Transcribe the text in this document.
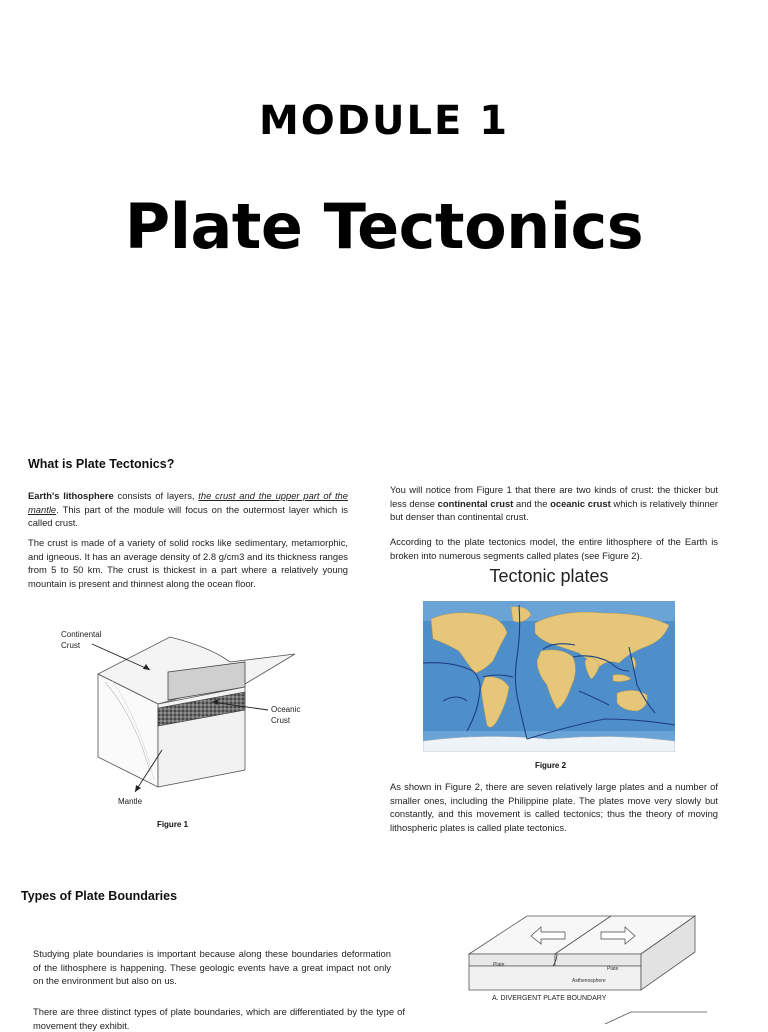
MODULE 1
Plate Tectonics
What is Plate Tectonics?

Earth's lithosphere consists of layers, the crust and the upper part of the mantle. This part of the module will focus on the outermost layer which is called crust.

The crust is made of a variety of solid rocks like sedimentary, metamorphic, and igneous. It has an average density of 2.8 g/cm3 and its thickness ranges from 5 to 50 km. The crust is thickest in a part where a relatively young mountain is present and thinnest along the ocean floor.

Continental
Crust
Oceanic
Crust
Mantle
Figure 1

You will notice from Figure 1 that there are two kinds of crust: the thicker but less dense continental crust and the oceanic crust which is relatively thinner but denser than continental crust.

According to the plate tectonics model, the entire lithosphere of the Earth is broken into numerous segments called plates (see Figure 2).

Tectonic plates
Figure 2

As shown in Figure 2, there are seven relatively large plates and a number of smaller ones, including the Philippine plate. The plates move very slowly but constantly, and this movement is called tectonics; thus the theory of moving lithospheric plates is called plate tectonics.

Types of Plate Boundaries

Studying plate boundaries is important because along these boundaries deformation of the lithosphere is happening. These geologic events have a great impact not only on the environment but also on us.

There are three distinct types of plate boundaries, which are differentiated by the type of movement they exhibit.

Plate
Plate
Asthenosphere
A. DIVERGENT PLATE BOUNDARY
